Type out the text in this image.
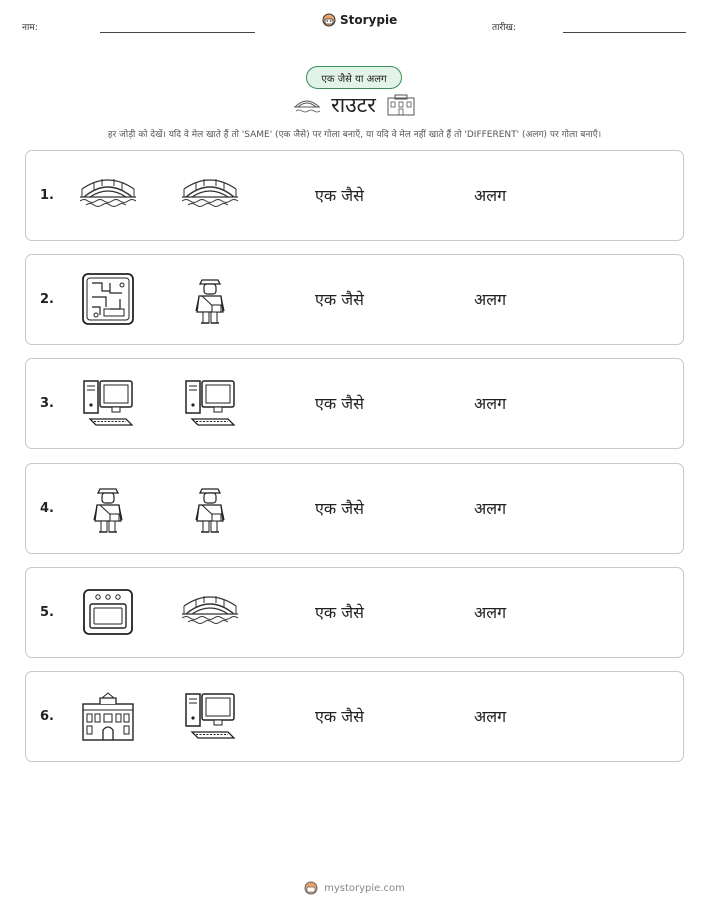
नाम:
Storypie
तारीख:
एक जैसे या अलग
राउटर
हर जोड़ी को देखें। यदि वे मेल खाते हैं तो 'SAME' (एक जैसे) पर गोला बनाएँ, या यदि वे मेल नहीं खाते हैं तो 'DIFFERENT' (अलग) पर गोला बनाएँ।
1.	एक जैसे	अलग
2.	एक जैसे	अलग
3.	एक जैसे	अलग
4.	एक जैसे	अलग
5.	एक जैसे	अलग
6.	एक जैसे	अलग
mystorypie.com
